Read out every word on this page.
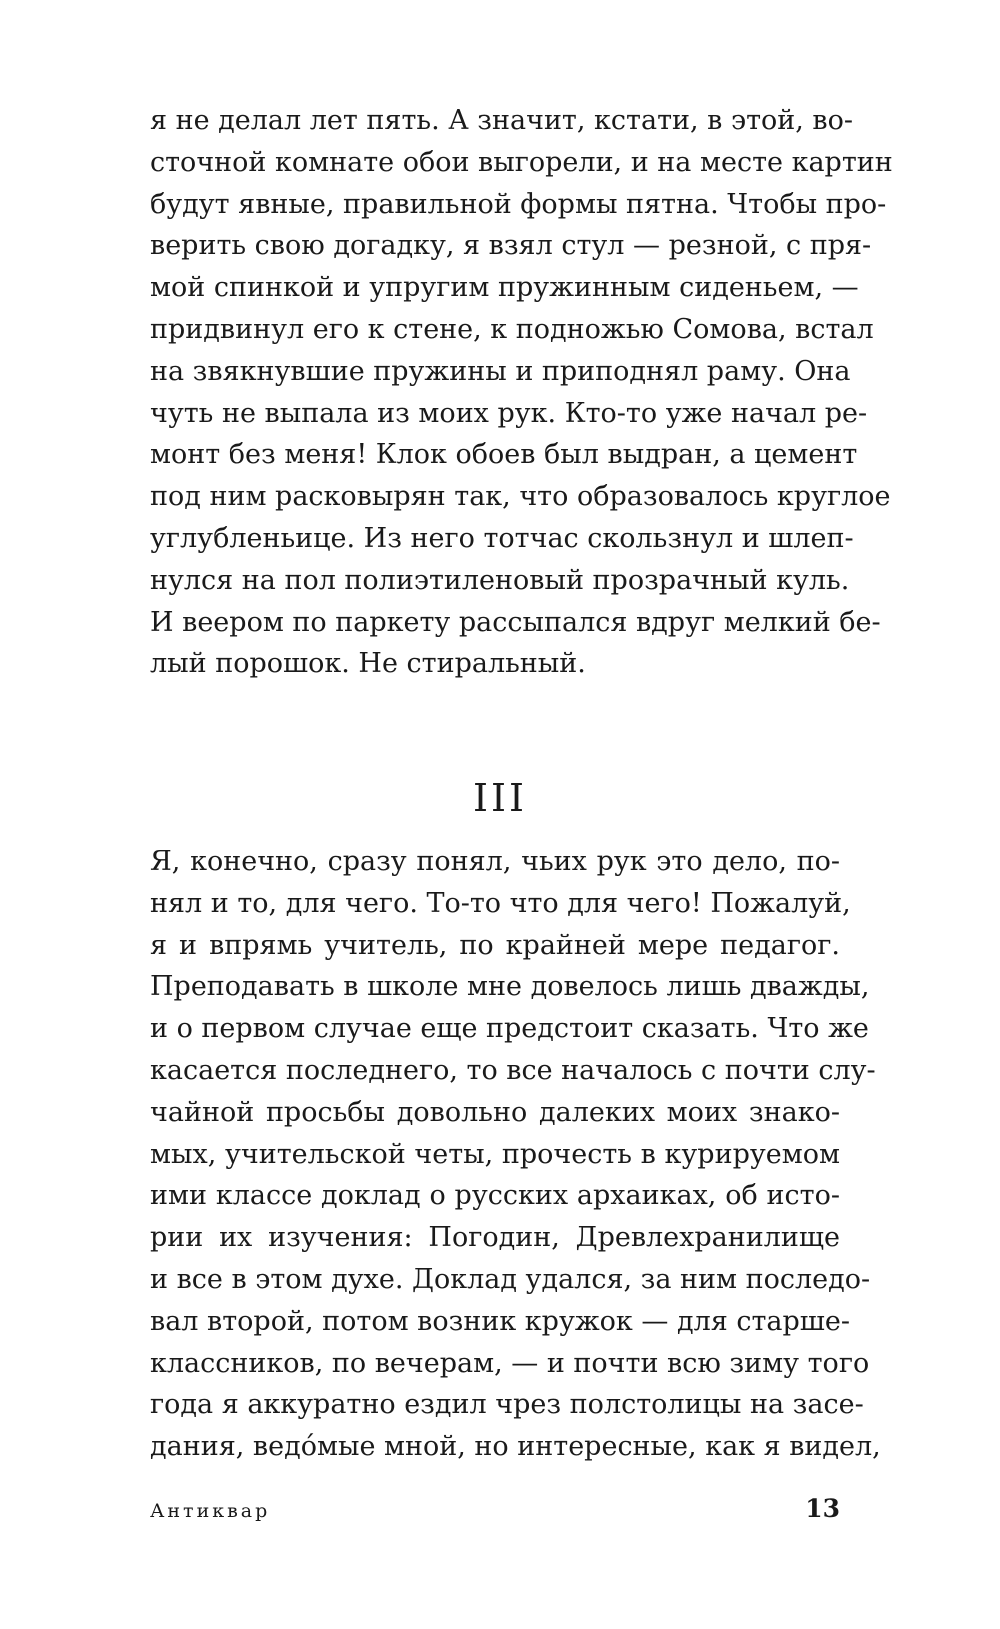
я не делал лет пять. А значит, кстати, в этой, во-
сточной комнате обои выгорели, и на месте картин
будут явные, правильной формы пятна. Чтобы про-
верить свою догадку, я взял стул — резной, с пря-
мой спинкой и упругим пружинным сиденьем, —
придвинул его к стене, к подножью Сомова, встал
на звякнувшие пружины и приподнял раму. Она
чуть не выпала из моих рук. Кто-то уже начал ре-
монт без меня! Клок обоев был выдран, а цемент
под ним расковырян так, что образовалось круглое
углубленьице. Из него тотчас скользнул и шлеп-
нулся на пол полиэтиленовый прозрачный куль.
И веером по паркету рассыпался вдруг мелкий бе-
лый порошок. Не стиральный.
III
Я, конечно, сразу понял, чьих рук это дело, по-
нял и то, для чего. То-то что для чего! Пожалуй,
я и впрямь учитель, по крайней мере педагог.
Преподавать в школе мне довелось лишь дважды,
и о первом случае еще предстоит сказать. Что же
касается последнего, то все началось с почти слу-
чайной просьбы довольно далеких моих знако-
мых, учительской четы, прочесть в курируемом
ими классе доклад о русских архаиках, об исто-
рии их изучения: Погодин, Древлехранилище
и все в этом духе. Доклад удался, за ним последо-
вал второй, потом возник кружок — для старше-
классников, по вечерам, — и почти всю зиму того
года я аккуратно ездил чрез полстолицы на засе-
дания, ведóмые мной, но интересные, как я видел,
Антиквар	13
